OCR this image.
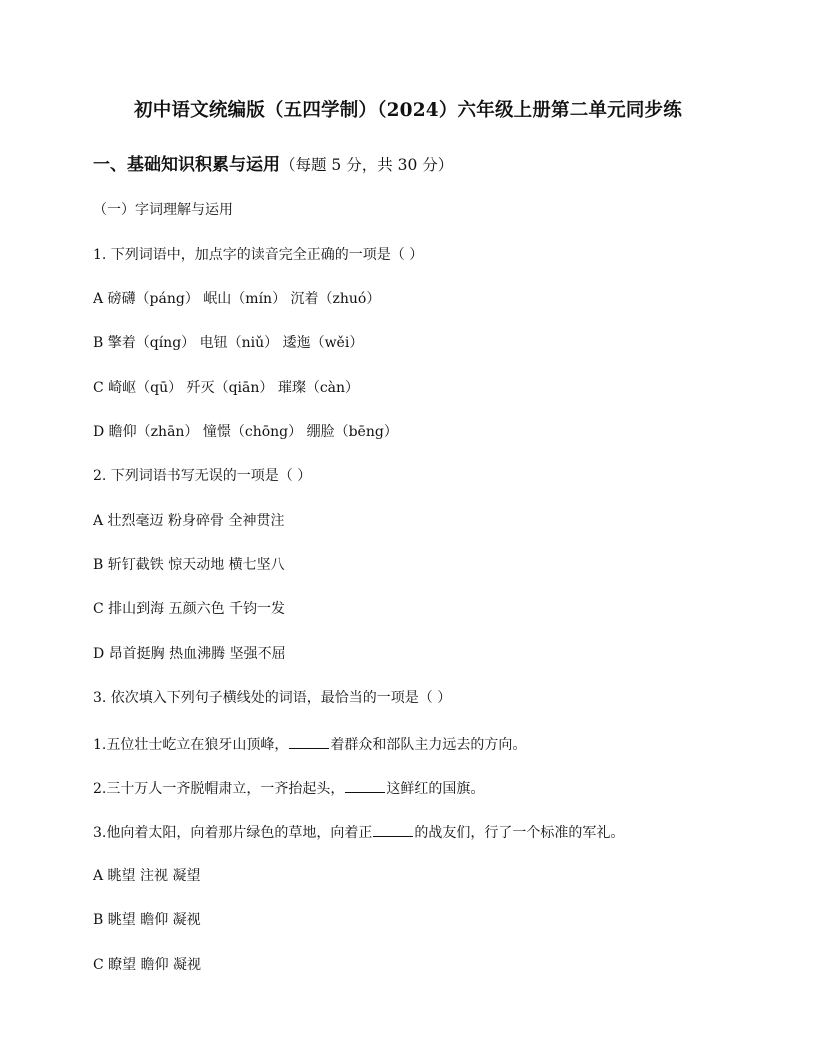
初中语文统编版（五四学制）（2024）六年级上册第二单元同步练
一、基础知识积累与运用（每题 5 分，共 30 分）
（一）字词理解与运用
1. 下列词语中，加点字的读音完全正确的一项是（ ）
A 磅礴（páng） 岷山（mín） 沉着（zhuó）
B 擎着（qíng） 电钮（niǔ） 逶迤（wěi）
C 崎岖（qū） 歼灭（qiān） 璀璨（càn）
D 瞻仰（zhān） 憧憬（chōng） 绷脸（bēng）
2. 下列词语书写无误的一项是（ ）
A 壮烈毫迈 粉身碎骨 全神贯注
B 斩钉截铁 惊天动地 横七坚八
C 排山到海 五颜六色 千钧一发
D 昂首挺胸 热血沸腾 坚强不屈
3. 依次填入下列句子横线处的词语，最恰当的一项是（ ）
1.五位壮士屹立在狼牙山顶峰，	着群众和部队主力远去的方向。
2.三十万人一齐脱帽肃立，一齐抬起头，	这鲜红的国旗。
3.他向着太阳，向着那片绿色的草地，向着正	的战友们，行了一个标准的军礼。
A 眺望 注视 凝望
B 眺望 瞻仰 凝视
C 瞭望 瞻仰 凝视
